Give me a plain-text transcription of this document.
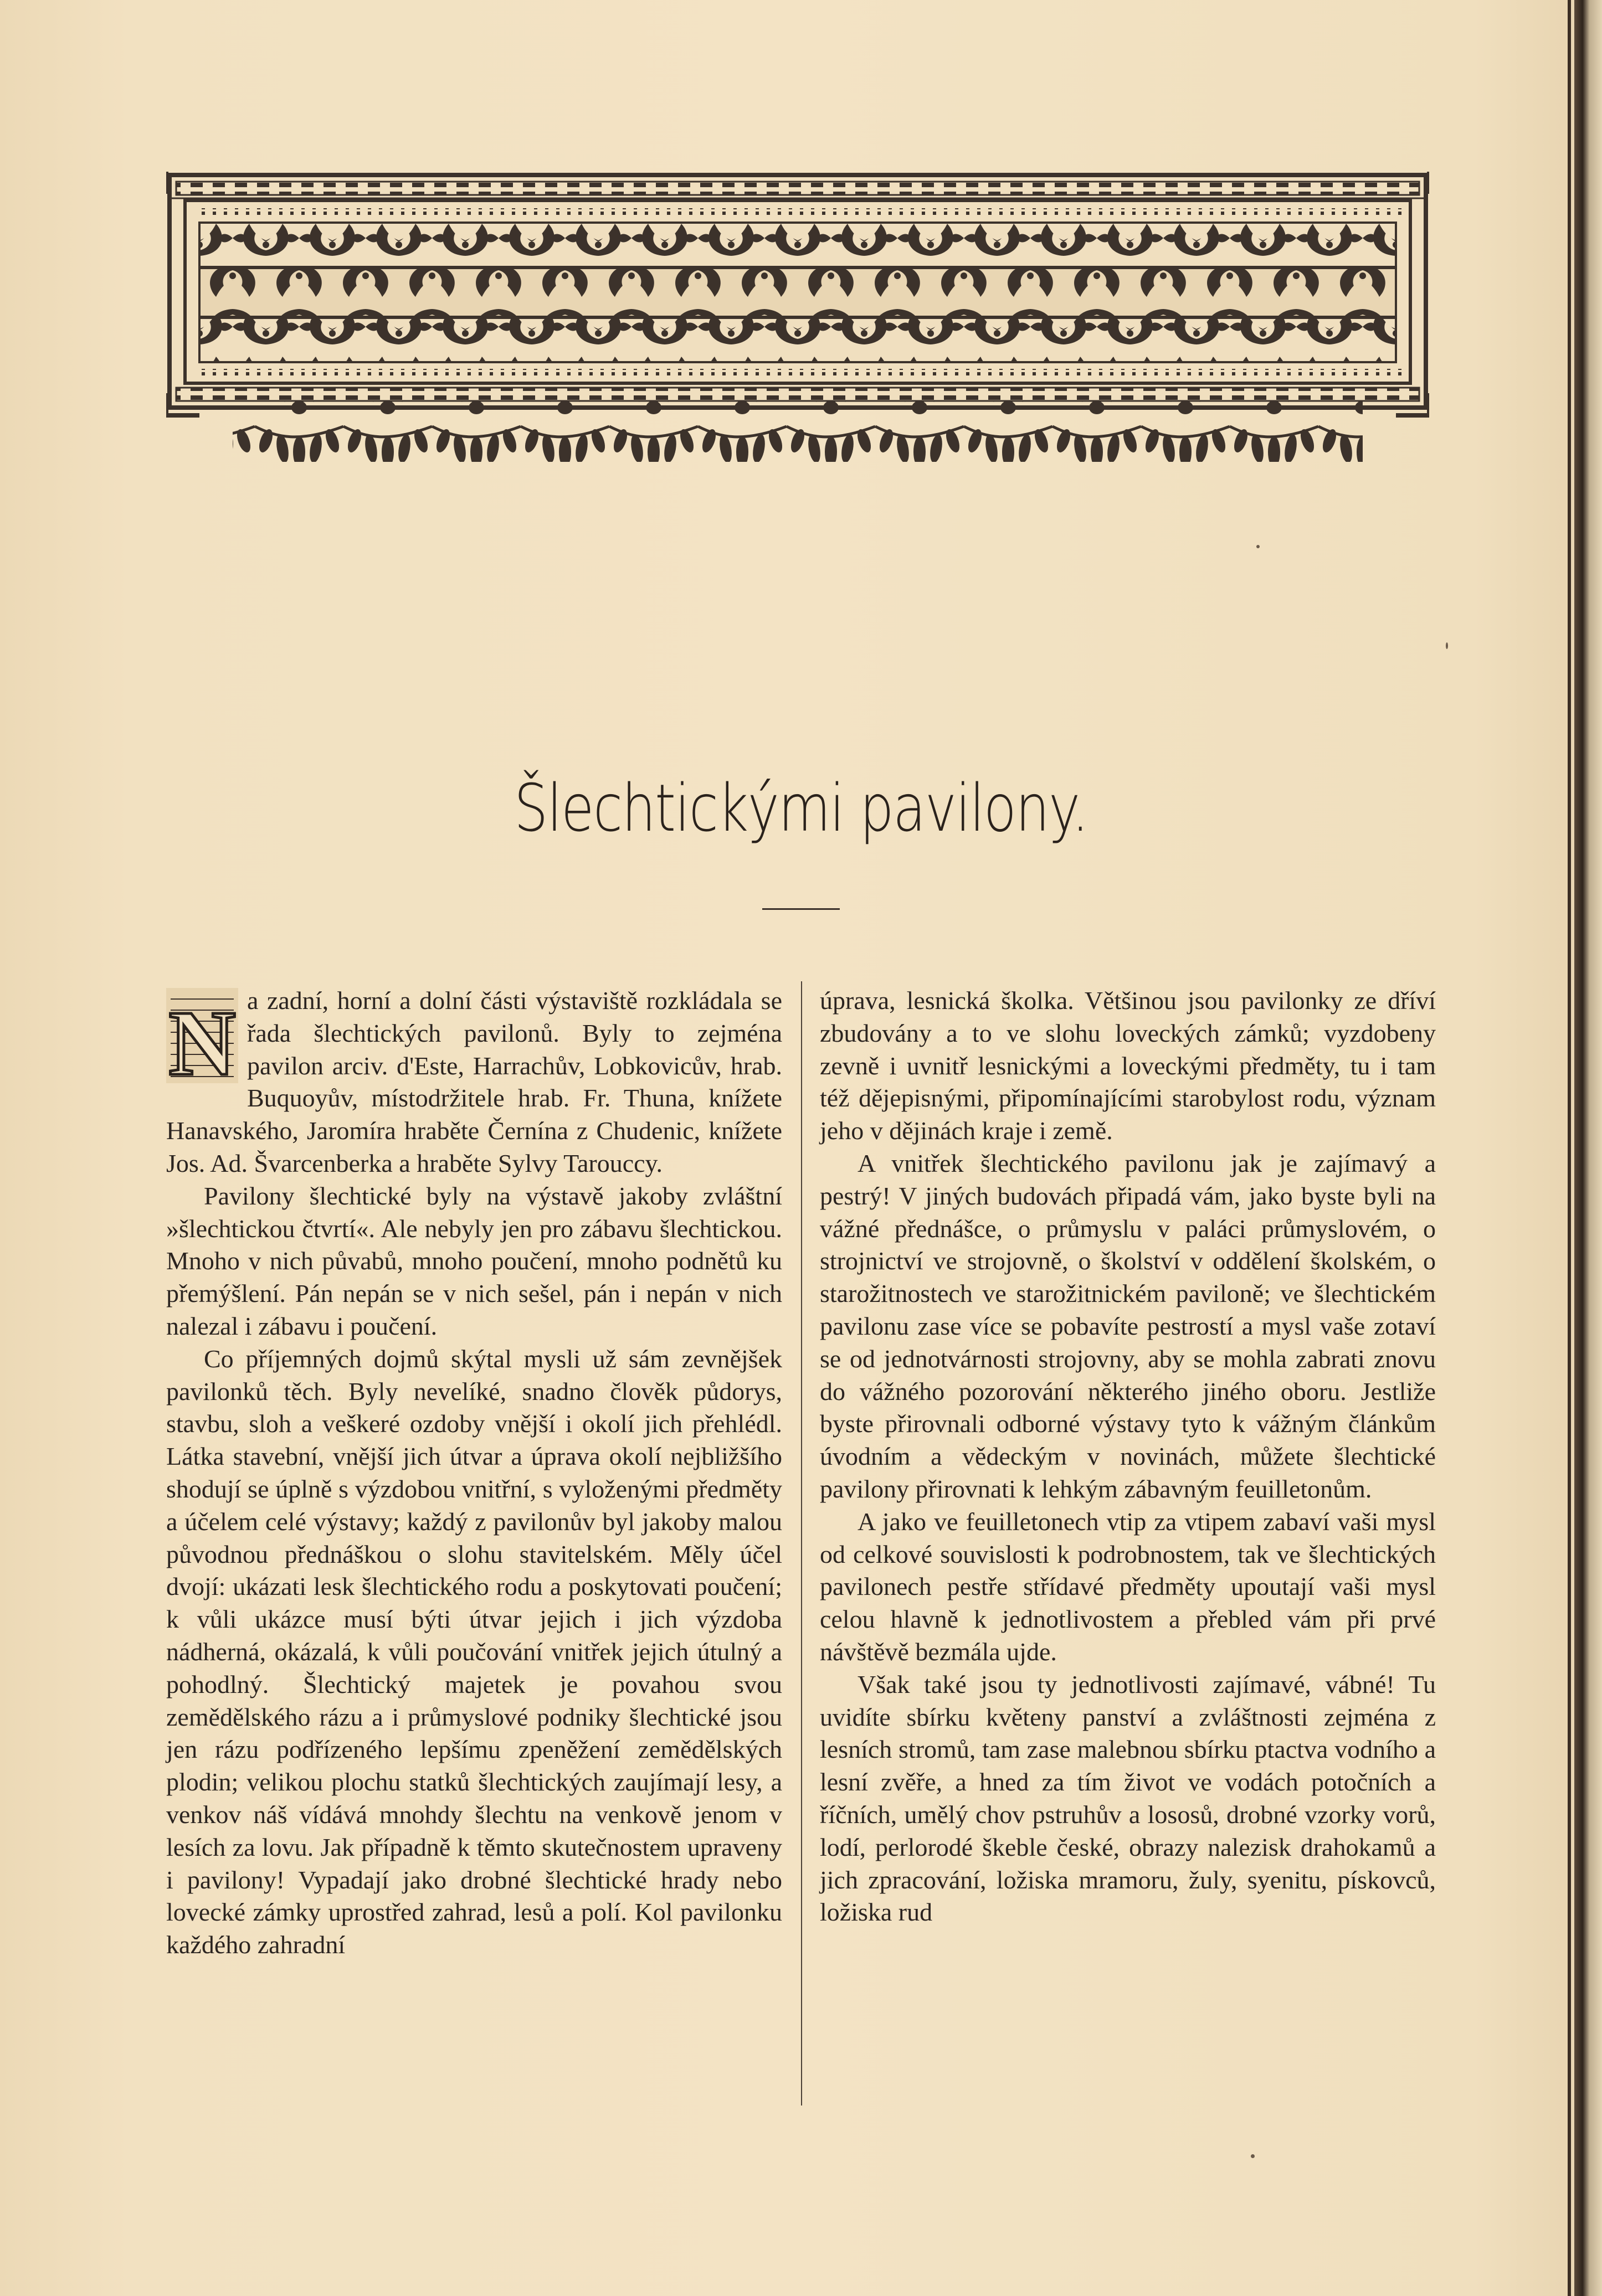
Šlechtickými pavilony.
N a zadní, horní a dolní části výstaviště rozkládala se řada šlechtických pavilonů. Byly to zejména pavilon arciv. d'Este, Harrachův, Lobkovicův, hrab. Buquoyův, místodržitele hrab. Fr. Thuna, knížete Hanavského, Jaromíra hraběte Černína z Chudenic, knížete Jos. Ad. Švarcenberka a hraběte Sylvy Tarouccy.

Pavilony šlechtické byly na výstavě jakoby zvláštní »šlechtickou čtvrtí«. Ale nebyly jen pro zábavu šlechtickou. Mnoho v nich půvabů, mnoho poučení, mnoho podnětů ku přemýšlení. Pán nepán se v nich sešel, pán i nepán v nich nalezal i zábavu i poučení.

Co příjemných dojmů skýtal mysli už sám zevnějšek pavilonků těch. Byly nevelíké, snadno člověk půdorys, stavbu, sloh a veškeré ozdoby vnější i okolí jich přehlédl. Látka stavební, vnější jich útvar a úprava okolí nejbližšího shodují se úplně s výzdobou vnitřní, s vyloženými předměty a účelem celé výstavy; každý z pavilonův byl jakoby malou původnou přednáškou o slohu stavitelském. Měly účel dvojí: ukázati lesk šlechtického rodu a poskytovati poučení; k vůli ukázce musí býti útvar jejich i jich výzdoba nádherná, okázalá, k vůli poučování vnitřek jejich útulný a pohodlný. Šlechtický majetek je povahou svou zemědělského rázu a i průmyslové podniky šlechtické jsou jen rázu podřízeného lepšímu zpeněžení zemědělských plodin; velikou plochu statků šlechtických zaujímají lesy, a venkov náš vídává mnohdy šlechtu na venkově jenom v lesích za lovu. Jak případně k těmto skutečnostem upraveny i pavilony! Vypadají jako drobné šlechtické hrady nebo lovecké zámky uprostřed zahrad, lesů a polí. Kol pavilonku každého zahradní

úprava, lesnická školka. Většinou jsou pavilonky ze dříví zbudovány a to ve slohu loveckých zámků; vyzdobeny zevně i uvnitř lesnickými a loveckými předměty, tu i tam též dějepisnými, připomínajícími starobylost rodu, význam jeho v dějinách kraje i země.

A vnitřek šlechtického pavilonu jak je zajímavý a pestrý! V jiných budovách připadá vám, jako byste byli na vážné přednášce, o průmyslu v paláci průmyslovém, o strojnictví ve strojovně, o školství v oddělení školském, o starožitnostech ve starožitnickém paviloně; ve šlechtickém pavilonu zase více se pobavíte pestrostí a mysl vaše zotaví se od jednotvárnosti strojovny, aby se mohla zabrati znovu do vážného pozorování některého jiného oboru. Jestliže byste přirovnali odborné výstavy tyto k vážným článkům úvodním a vědeckým v novinách, můžete šlechtické pavilony přirovnati k lehkým zábavným feuilletonům.

A jako ve feuilletonech vtip za vtipem zabaví vaši mysl od celkové souvislosti k podrobnostem, tak ve šlechtických pavilonech pestře střídavé předměty upoutají vaši mysl celou hlavně k jednotlivostem a přebled vám při prvé návštěvě bezmála ujde.

Však také jsou ty jednotlivosti zajímavé, vábné! Tu uvidíte sbírku květeny panství a zvláštnosti zejména z lesních stromů, tam zase malebnou sbírku ptactva vodního a lesní zvěře, a hned za tím život ve vodách potočních a říčních, umělý chov pstruhův a lososů, drobné vzorky vorů, lodí, perlorodé škeble české, obrazy nalezisk drahokamů a jich zpracování, ložiska mramoru, žuly, syenitu, pískovců, ložiska rud
